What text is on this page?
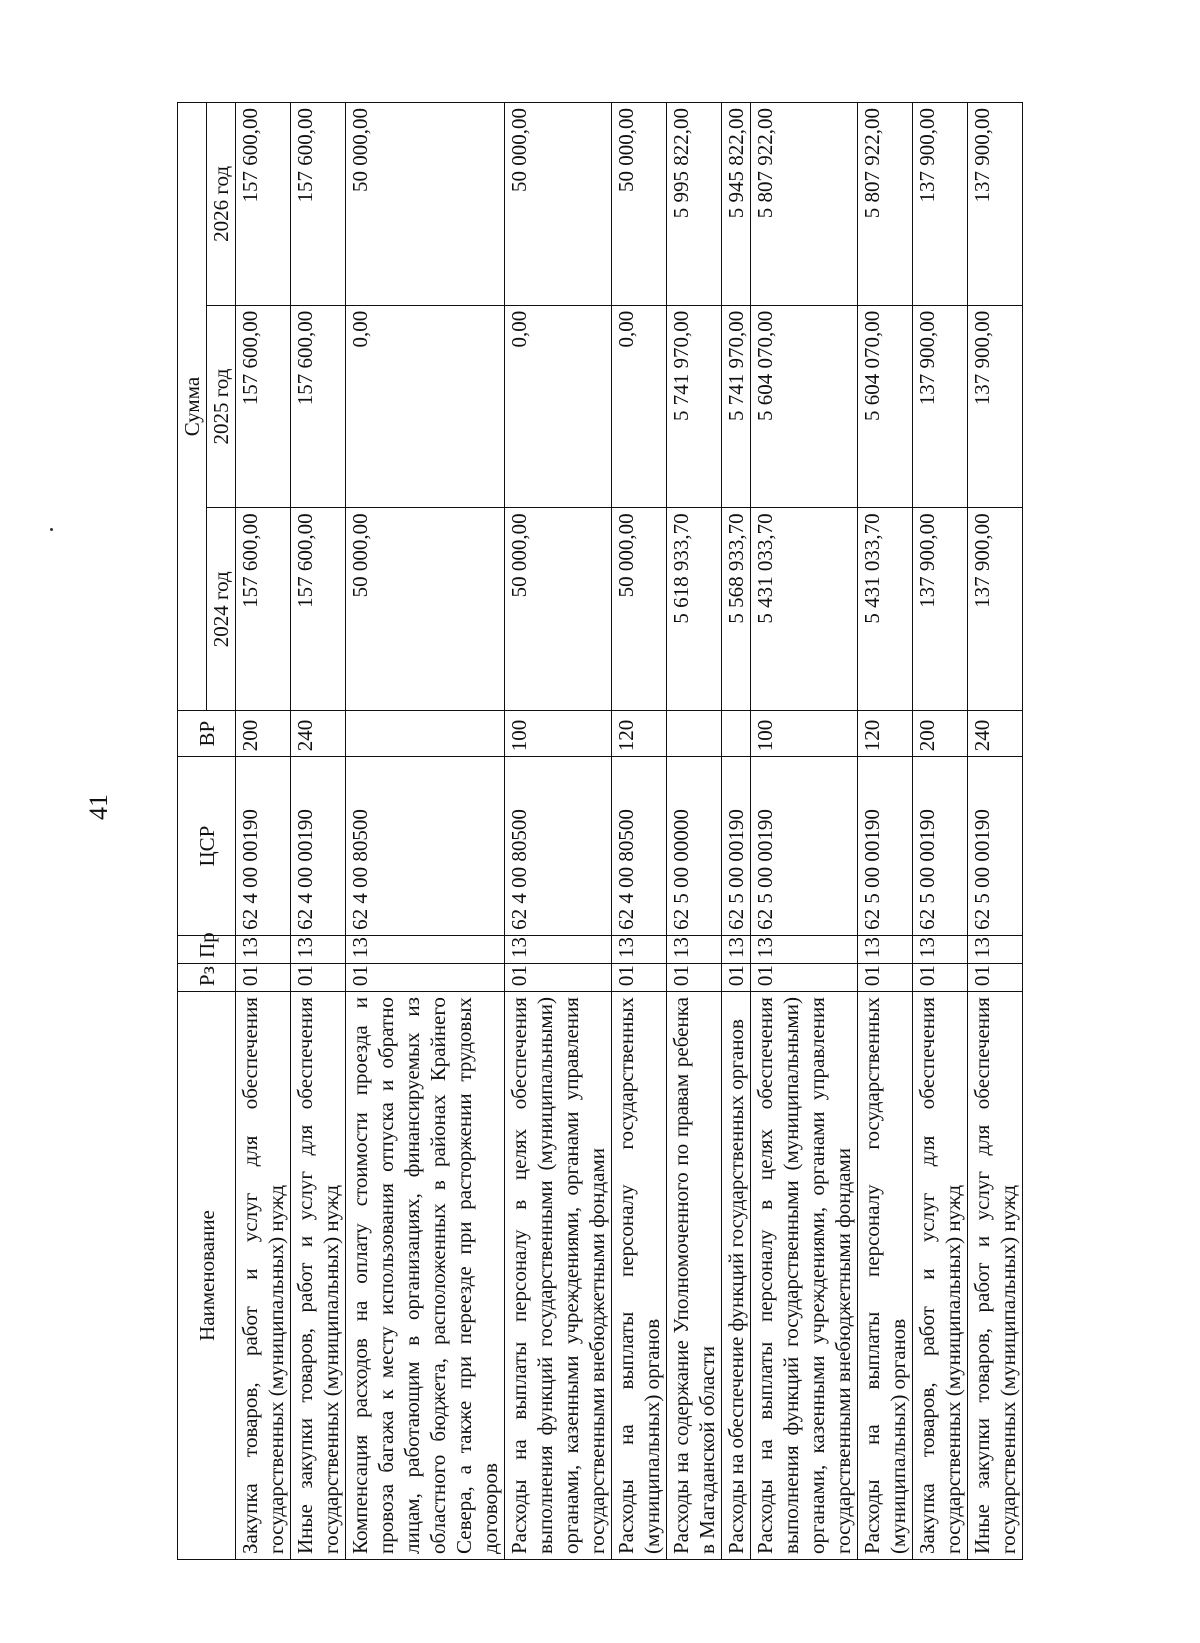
41
Наименование	Рз	Пр	ЦСР	ВР	Сумма		
					2024 год	2025 год	2026 год
Закупка товаров, работ и услуг для обеспечения государственных (муниципальных) нужд	01	13	62 4 00 00190	200	157 600,00	157 600,00	157 600,00
Иные закупки товаров, работ и услуг для обеспечения государственных (муниципальных) нужд	01	13	62 4 00 00190	240	157 600,00	157 600,00	157 600,00
Компенсация расходов на оплату стоимости проезда и провоза багажа к месту использования отпуска и обратно лицам, работающим в организациях, финансируемых из областного бюджета, расположенных в районах Крайнего Севера, а также при переезде при расторжении трудовых договоров	01	13	62 4 00 80500		50 000,00	0,00	50 000,00
Расходы на выплаты персоналу в целях обеспечения выполнения функций государственными (муниципальными) органами, казенными учреждениями, органами управления государственными внебюджетными фондами	01	13	62 4 00 80500	100	50 000,00	0,00	50 000,00
Расходы на выплаты персоналу государственных (муниципальных) органов	01	13	62 4 00 80500	120	50 000,00	0,00	50 000,00
Расходы на содержание Уполномоченного по правам ребенка в Магаданской области	01	13	62 5 00 00000		5 618 933,70	5 741 970,00	5 995 822,00
Расходы на обеспечение функций государственных органов	01	13	62 5 00 00190		5 568 933,70	5 741 970,00	5 945 822,00
Расходы на выплаты персоналу в целях обеспечения выполнения функций государственными (муниципальными) органами, казенными учреждениями, органами управления государственными внебюджетными фондами	01	13	62 5 00 00190	100	5 431 033,70	5 604 070,00	5 807 922,00
Расходы на выплаты персоналу государственных (муниципальных) органов	01	13	62 5 00 00190	120	5 431 033,70	5 604 070,00	5 807 922,00
Закупка товаров, работ и услуг для обеспечения государственных (муниципальных) нужд	01	13	62 5 00 00190	200	137 900,00	137 900,00	137 900,00
Иные закупки товаров, работ и услуг для обеспечения государственных (муниципальных) нужд	01	13	62 5 00 00190	240	137 900,00	137 900,00	137 900,00
